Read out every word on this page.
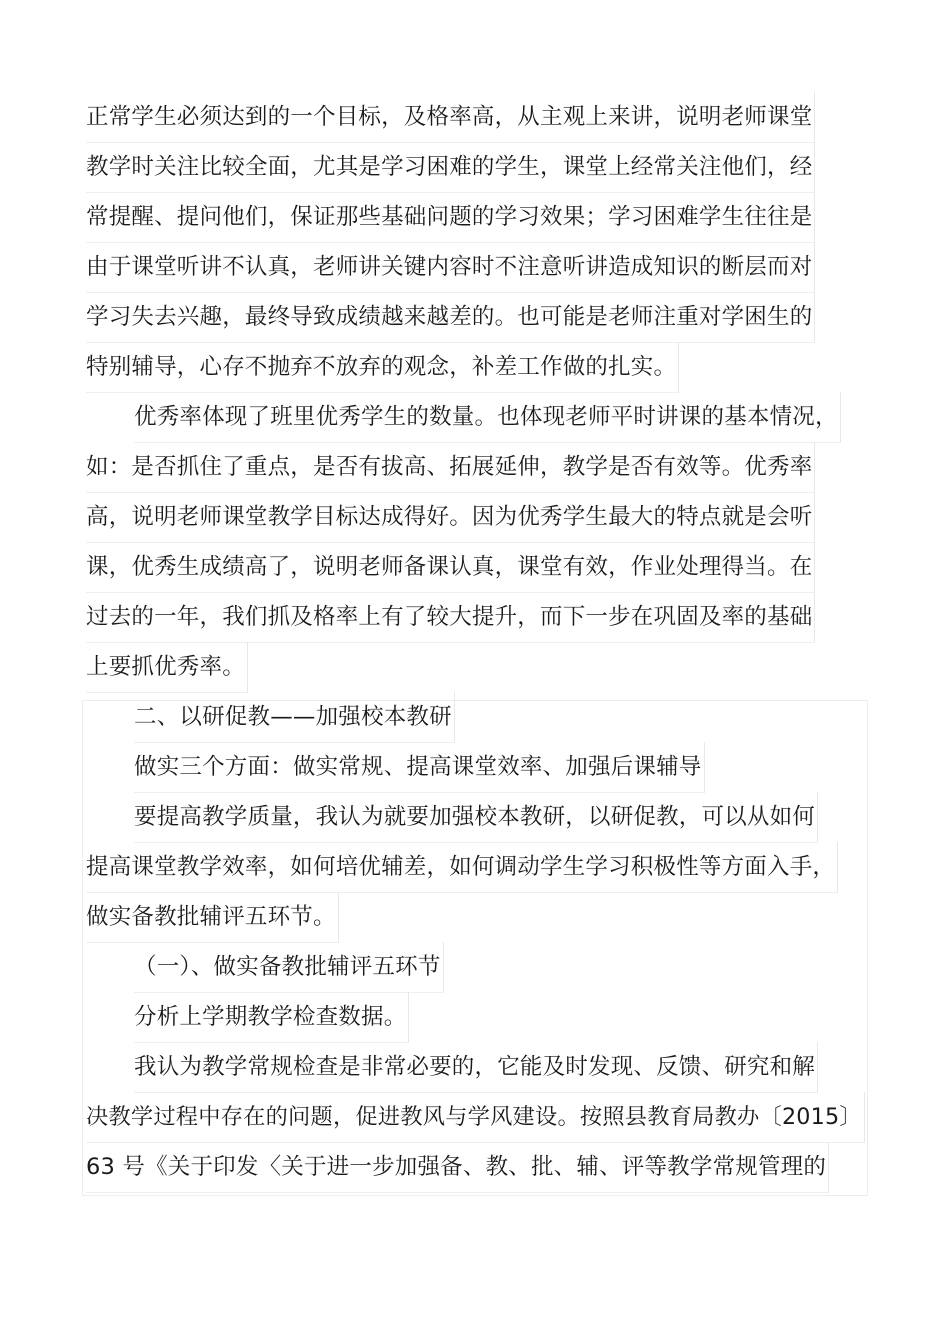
正常学生必须达到的一个目标，及格率高，从主观上来讲，说明老师课堂
教学时关注比较全面，尤其是学习困难的学生，课堂上经常关注他们，经
常提醒、提问他们，保证那些基础问题的学习效果；学习困难学生往往是
由于课堂听讲不认真，老师讲关键内容时不注意听讲造成知识的断层而对
学习失去兴趣，最终导致成绩越来越差的。也可能是老师注重对学困生的
特别辅导，心存不抛弃不放弃的观念，补差工作做的扎实。
优秀率体现了班里优秀学生的数量。也体现老师平时讲课的基本情况，
如：是否抓住了重点，是否有拔高、拓展延伸，教学是否有效等。优秀率
高，说明老师课堂教学目标达成得好。因为优秀学生最大的特点就是会听
课，优秀生成绩高了，说明老师备课认真，课堂有效，作业处理得当。在
过去的一年，我们抓及格率上有了较大提升，而下一步在巩固及率的基础
上要抓优秀率。
二、以研促教——加强校本教研
做实三个方面：做实常规、提高课堂效率、加强后课辅导
要提高教学质量，我认为就要加强校本教研，以研促教，可以从如何
提高课堂教学效率，如何培优辅差，如何调动学生学习积极性等方面入手，
做实备教批辅评五环节。
（一）、做实备教批辅评五环节
分析上学期教学检查数据。
我认为教学常规检查是非常必要的，它能及时发现、反馈、研究和解
决教学过程中存在的问题，促进教风与学风建设。按照县教育局教办〔2015〕
63 号《关于印发〈关于进一步加强备、教、批、辅、评等教学常规管理的
